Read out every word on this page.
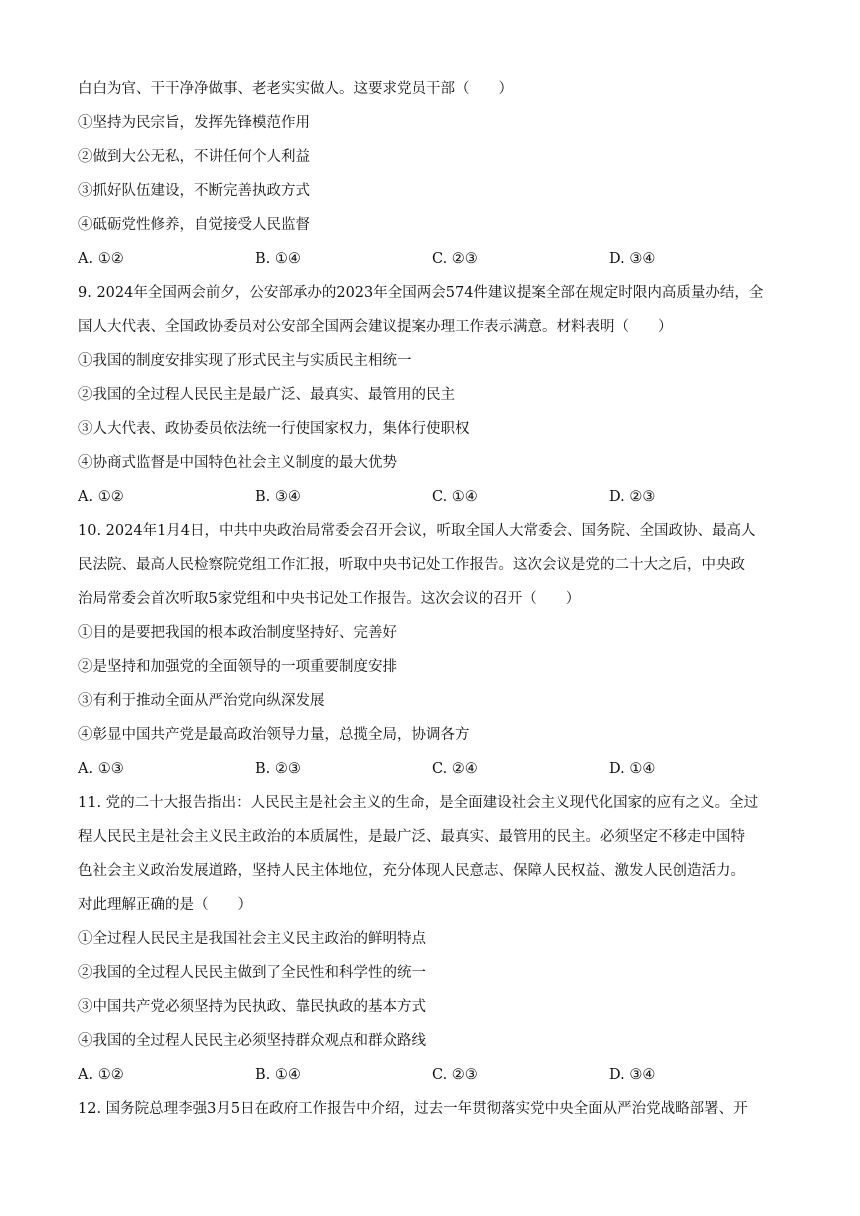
白白为官、干干净净做事、老老实实做人。这要求党员干部（　　）
①坚持为民宗旨，发挥先锋模范作用
②做到大公无私，不讲任何个人利益
③抓好队伍建设，不断完善执政方式
④砥砺党性修养，自觉接受人民监督
A. ①②	B. ①④	C. ②③	D. ③④
9. 2024年全国两会前夕，公安部承办的2023年全国两会574件建议提案全部在规定时限内高质量办结，全
国人大代表、全国政协委员对公安部全国两会建议提案办理工作表示满意。材料表明（　　）
①我国的制度安排实现了形式民主与实质民主相统一
②我国的全过程人民民主是最广泛、最真实、最管用的民主
③人大代表、政协委员依法统一行使国家权力，集体行使职权
④协商式监督是中国特色社会主义制度的最大优势
A. ①②	B. ③④	C. ①④	D. ②③
10. 2024年1月4日，中共中央政治局常委会召开会议，听取全国人大常委会、国务院、全国政协、最高人
民法院、最高人民检察院党组工作汇报，听取中央书记处工作报告。这次会议是党的二十大之后，中央政
治局常委会首次听取5家党组和中央书记处工作报告。这次会议的召开（　　）
①目的是要把我国的根本政治制度坚持好、完善好
②是坚持和加强党的全面领导的一项重要制度安排
③有利于推动全面从严治党向纵深发展
④彰显中国共产党是最高政治领导力量，总揽全局，协调各方
A. ①③	B. ②③	C. ②④	D. ①④
11. 党的二十大报告指出：人民民主是社会主义的生命，是全面建设社会主义现代化国家的应有之义。全过
程人民民主是社会主义民主政治的本质属性，是最广泛、最真实、最管用的民主。必须坚定不移走中国特
色社会主义政治发展道路，坚持人民主体地位，充分体现人民意志、保障人民权益、激发人民创造活力。
对此理解正确的是（　　）
①全过程人民民主是我国社会主义民主政治的鲜明特点
②我国的全过程人民民主做到了全民性和科学性的统一
③中国共产党必须坚持为民执政、靠民执政的基本方式
④我国的全过程人民民主必须坚持群众观点和群众路线
A. ①②	B. ①④	C. ②③	D. ③④
12. 国务院总理李强3月5日在政府工作报告中介绍，过去一年贯彻落实党中央全面从严治党战略部署、开
